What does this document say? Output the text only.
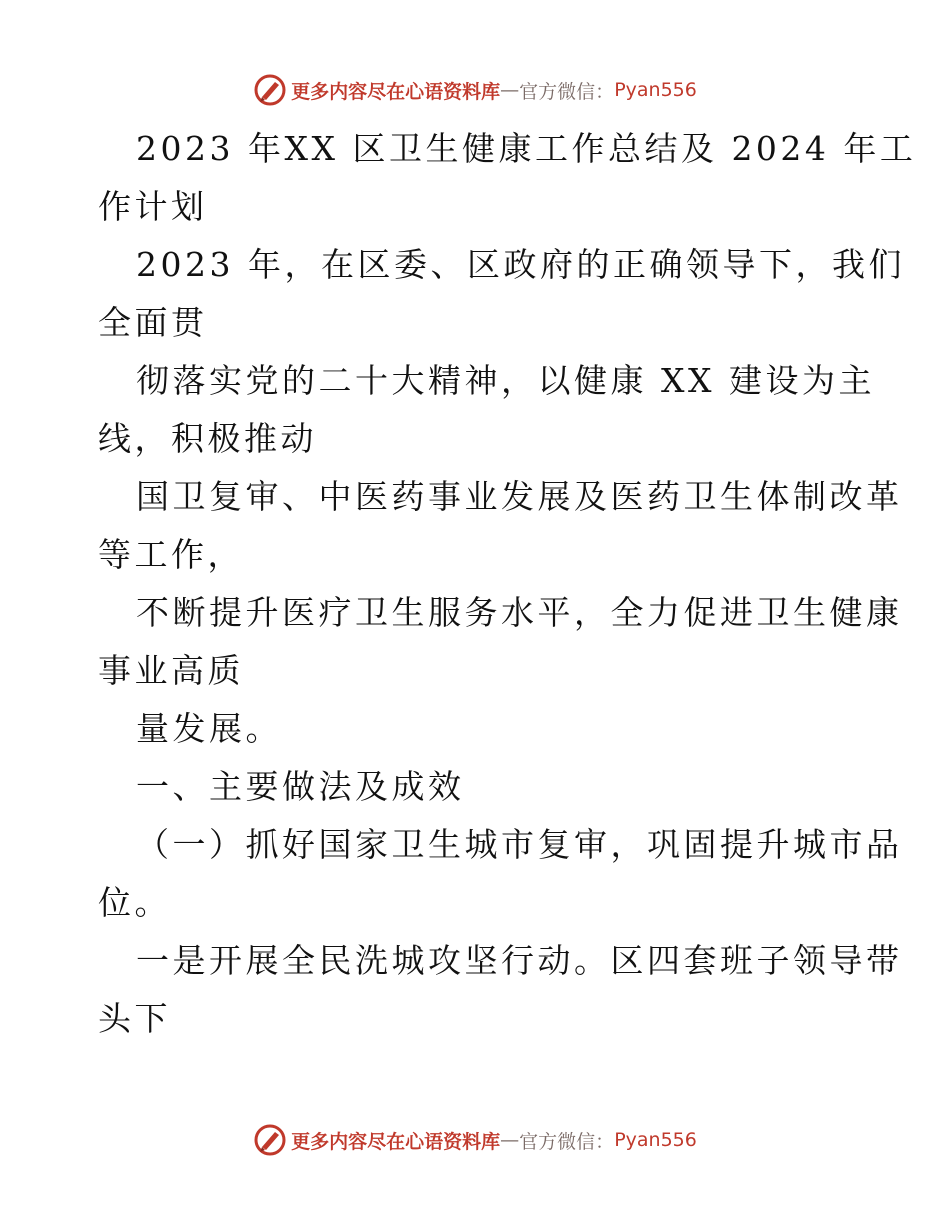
更多内容尽在心语资料库 — 官方微信： Pyan556
2023 年XX 区卫生健康工作总结及 2024 年工
作计划
2023 年，在区委、区政府的正确领导下，我们
全面贯
彻落实党的二十大精神，以健康 XX 建设为主
线，积极推动
国卫复审、中医药事业发展及医药卫生体制改革
等工作，
不断提升医疗卫生服务水平，全力促进卫生健康
事业高质
量发展。
一、主要做法及成效
（一）抓好国家卫生城市复审，巩固提升城市品
位。
一是开展全民洗城攻坚行动。区四套班子领导带
头下
更多内容尽在心语资料库 — 官方微信： Pyan556
